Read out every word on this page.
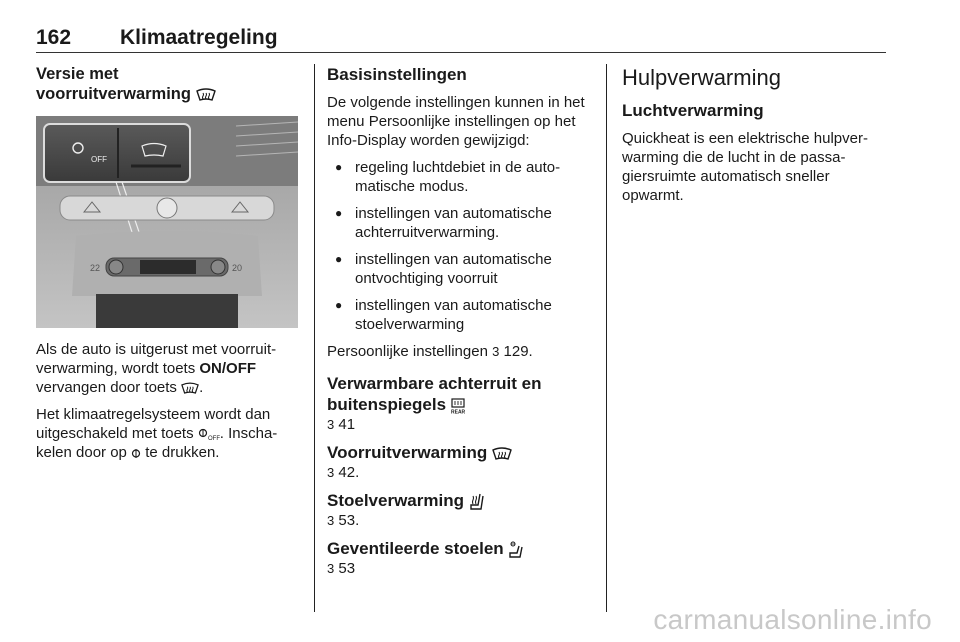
162 Klimaatregeling
Versie met
voorruitverwarming
OFF
22	20

Als de auto is uitgerust met voorruitverwarming, wordt toets ON/OFF vervangen door toets .

Het klimaatregelsysteem wordt dan uitgeschakeld met toets OFF . Inschakelen door op  te drukken.

Basisinstellingen

De volgende instellingen kunnen in het menu Persoonlijke instellingen op het Info-Display worden gewijzigd:

● regeling luchtdebiet in de automatische modus.
● instellingen van automatische achterruitverwarming.
● instellingen van automatische ontvochtiging voorruit
● instellingen van automatische stoelverwarming

Persoonlijke instellingen 3 129.

Verwarmbare achterruit en
buitenspiegels REAR

3 41

Voorruitverwarming

3 42.

Stoelverwarming

3 53.

Geventileerde stoelen

3 53

Hulpverwarming
Luchtverwarming

Quickheat is een elektrische hulpverwarming die de lucht in de passagiersruimte automatisch sneller opwarmt.

carmanualsonline.info
